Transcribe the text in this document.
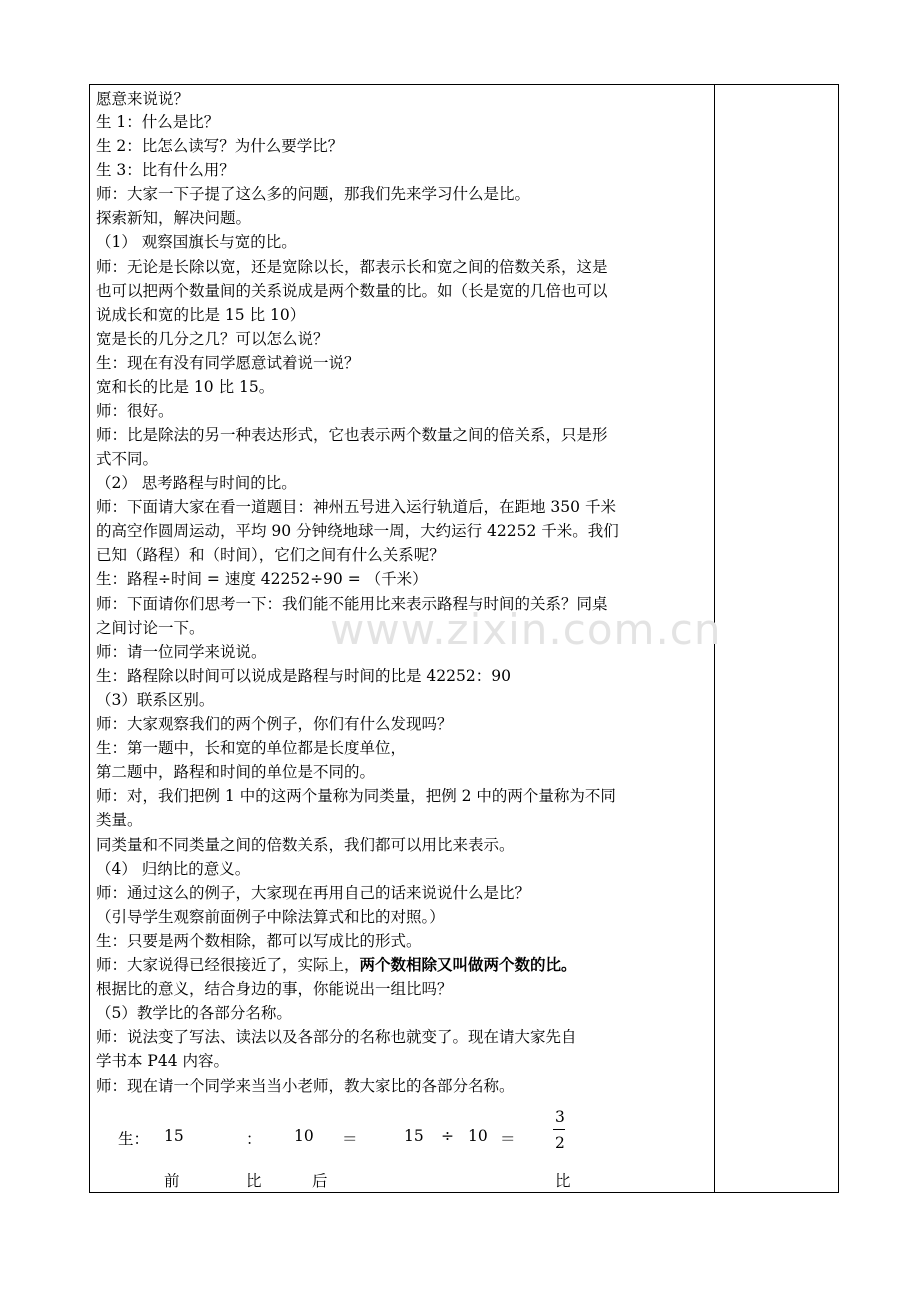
愿意来说说？
生 1：什么是比？
生 2：比怎么读写？为什么要学比？
生 3：比有什么用？
师：大家一下子提了这么多的问题，那我们先来学习什么是比。
探索新知，解决问题。
（1） 观察国旗长与宽的比。
师：无论是长除以宽，还是宽除以长，都表示长和宽之间的倍数关系，这是
也可以把两个数量间的关系说成是两个数量的比。如（长是宽的几倍也可以
说成长和宽的比是 15 比 10）
宽是长的几分之几？可以怎么说？
生：现在有没有同学愿意试着说一说？
宽和长的比是 10 比 15。
师：很好。
师：比是除法的另一种表达形式，它也表示两个数量之间的倍关系，只是形
式不同。
（2） 思考路程与时间的比。
师：下面请大家在看一道题目：神州五号进入运行轨道后，在距地 350 千米
的高空作圆周运动，平均 90 分钟绕地球一周，大约运行 42252 千米。我们
已知（路程）和（时间），它们之间有什么关系呢？
生：路程÷时间 = 速度 42252÷90 = （千米）
师：下面请你们思考一下：我们能不能用比来表示路程与时间的关系？同桌
之间讨论一下。
师：请一位同学来说说。
生：路程除以时间可以说成是路程与时间的比是 42252：90
（3）联系区别。
师：大家观察我们的两个例子，你们有什么发现吗？
生：第一题中，长和宽的单位都是长度单位，
第二题中，路程和时间的单位是不同的。
师：对，我们把例 1 中的这两个量称为同类量，把例 2 中的两个量称为不同
类量。
同类量和不同类量之间的倍数关系，我们都可以用比来表示。
（4） 归纳比的意义。
师：通过这么的例子，大家现在再用自己的话来说说什么是比？
（引导学生观察前面例子中除法算式和比的对照。）
生：只要是两个数相除，都可以写成比的形式。
师：大家说得已经很接近了，实际上，两个数相除又叫做两个数的比。
根据比的意义，结合身边的事，你能说出一组比吗？
（5）教学比的各部分名称。
师：说法变了写法、读法以及各部分的名称也就变了。现在请大家先自
学书本 P44 内容。
师：现在请一个同学来当当小老师，教大家比的各部分名称。
生： 15	： 10 ＝	15 ÷ 10 ＝
3
2
前	比	后	比
www.zixin.com.cn
